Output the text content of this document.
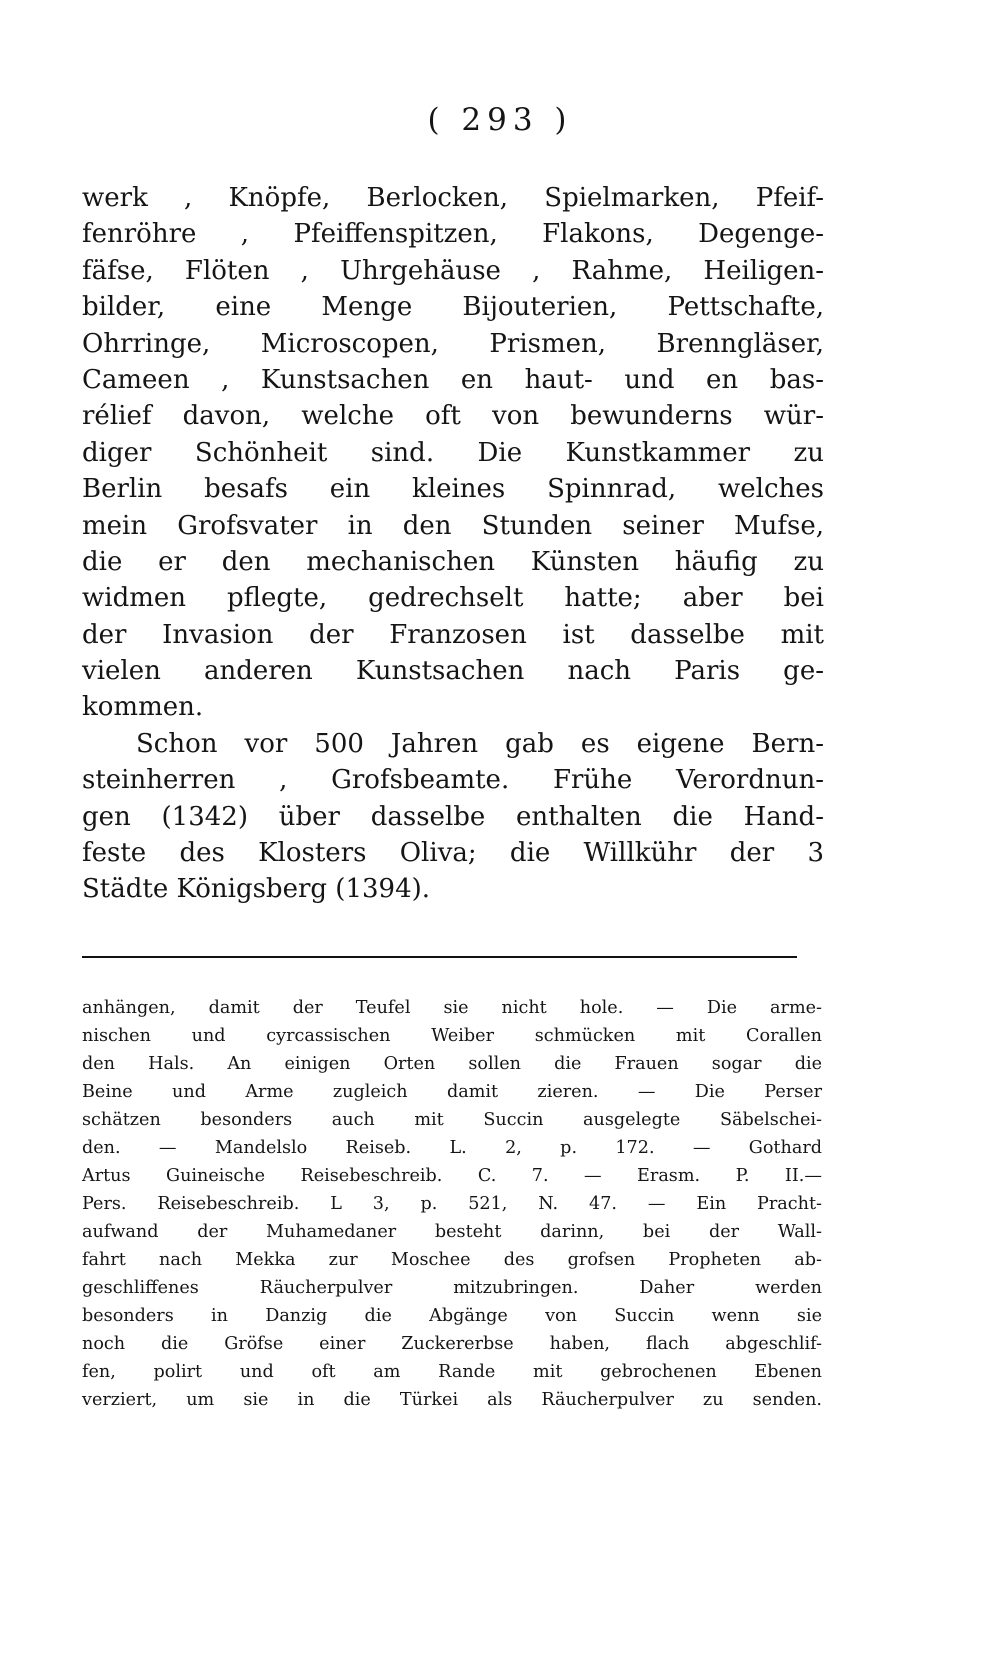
( 293 )
werk , Knöpfe, Berlocken, Spielmarken, Pfeif-
fenröhre , Pfeiffenspitzen, Flakons, Degenge-
fäfse, Flöten , Uhrgehäuse , Rahme, Heiligen-
bilder, eine Menge Bijouterien, Pettschafte,
Ohrringe, Microscopen, Prismen, Brenngläser,
Cameen , Kunstsachen en haut- und en bas-
rélief davon, welche oft von bewunderns wür-
diger Schönheit sind. Die Kunstkammer zu
Berlin besafs ein kleines Spinnrad, welches
mein Grofsvater in den Stunden seiner Mufse,
die er den mechanischen Künsten häufig zu
widmen pflegte, gedrechselt hatte; aber bei
der Invasion der Franzosen ist dasselbe mit
vielen anderen Kunstsachen nach Paris ge-
kommen.
Schon vor 500 Jahren gab es eigene Bern-
steinherren , Grofsbeamte. Frühe Verordnun-
gen (1342) über dasselbe enthalten die Hand-
feste des Klosters Oliva; die Willkühr der 3
Städte Königsberg (1394).
anhängen, damit der Teufel sie nicht hole. — Die arme-
nischen und cyrcassischen Weiber schmücken mit Corallen
den Hals. An einigen Orten sollen die Frauen sogar die
Beine und Arme zugleich damit zieren. — Die Perser
schätzen besonders auch mit Succin ausgelegte Säbelschei-
den. — Mandelslo Reiseb. L. 2, p. 172. — Gothard
Artus Guineische Reisebeschreib. C. 7. — Erasm. P. II.—
Pers. Reisebeschreib. L 3, p. 521, N. 47. — Ein Pracht-
aufwand der Muhamedaner besteht darinn, bei der Wall-
fahrt nach Mekka zur Moschee des grofsen Propheten ab-
geschliffenes Räucherpulver mitzubringen. Daher werden
besonders in Danzig die Abgänge von Succin wenn sie
noch die Gröfse einer Zuckererbse haben, flach abgeschlif-
fen, polirt und oft am Rande mit gebrochenen Ebenen
verziert, um sie in die Türkei als Räucherpulver zu senden.
